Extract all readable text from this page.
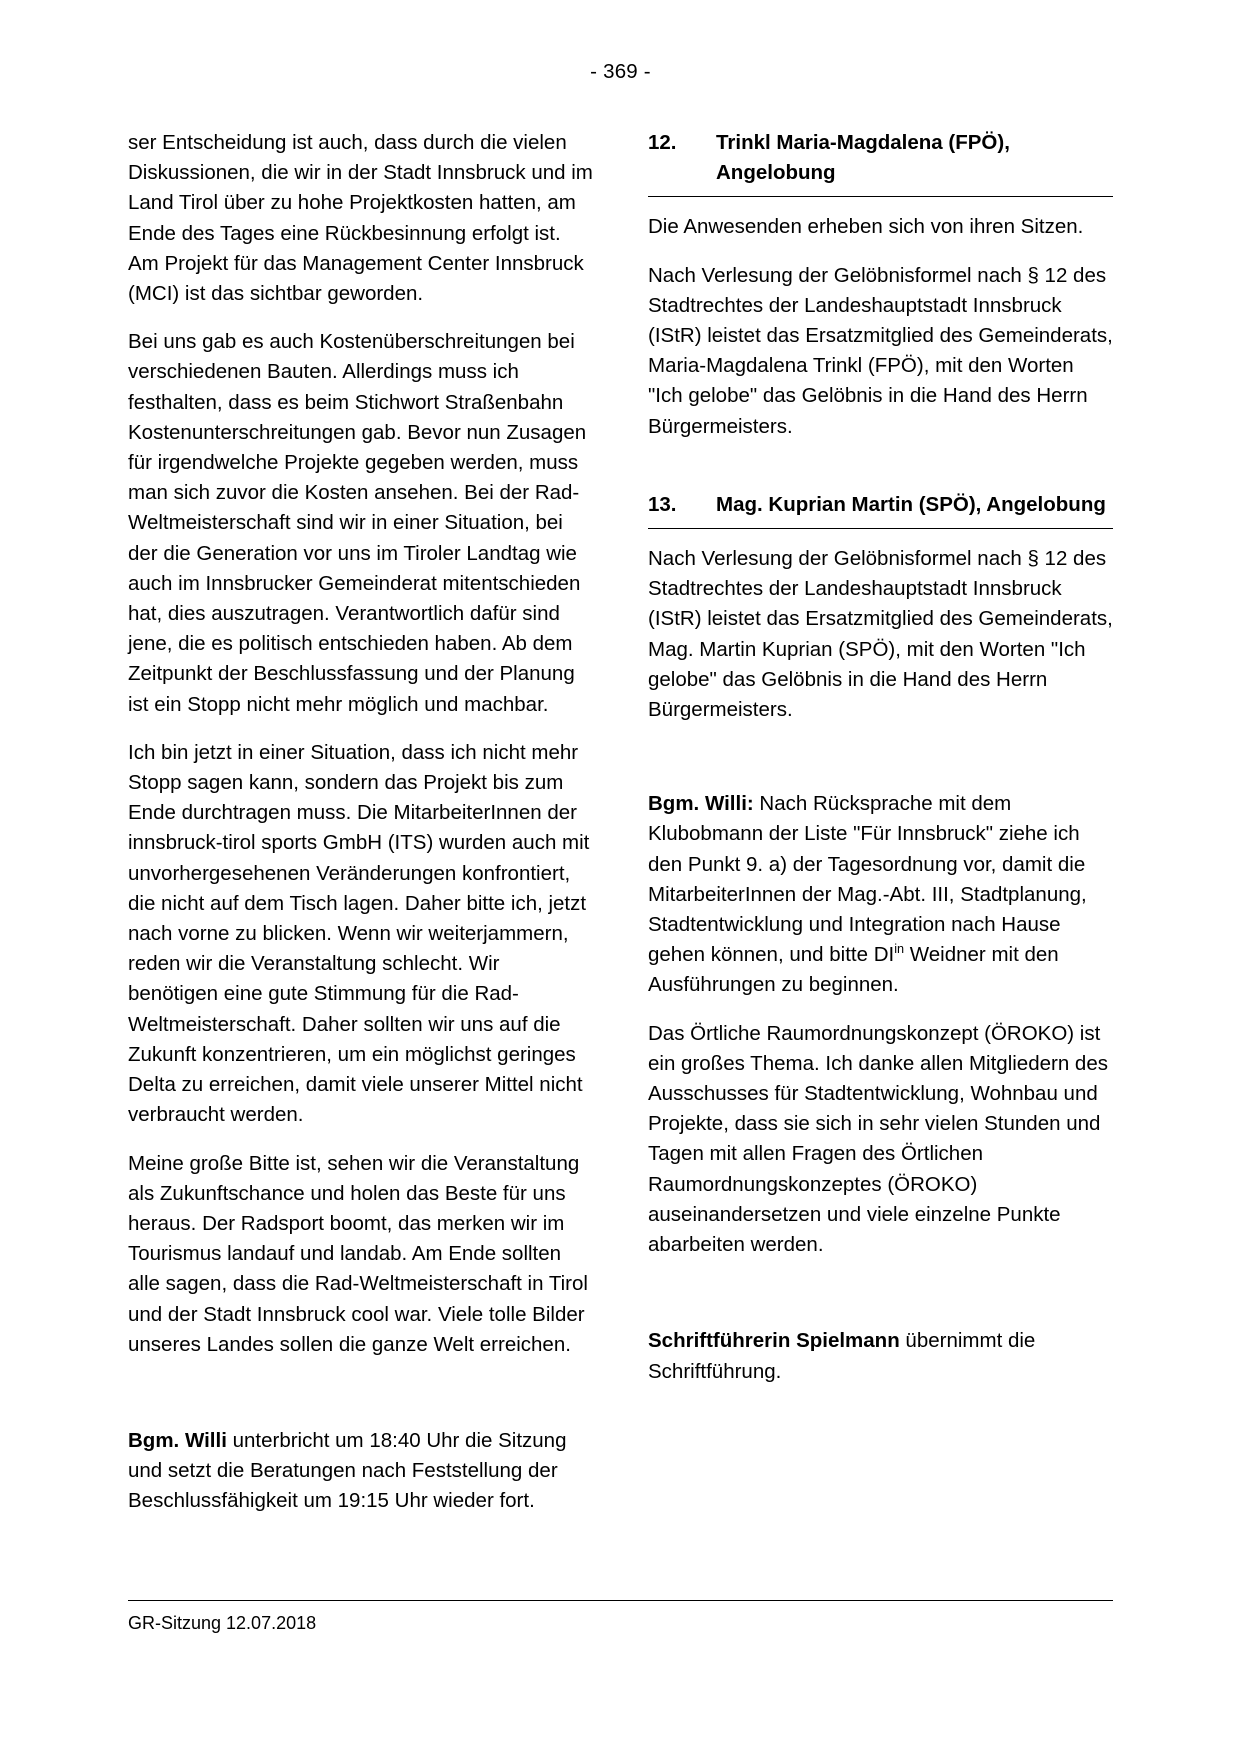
- 369 -

ser Entscheidung ist auch, dass durch die vielen Diskussionen, die wir in der Stadt Innsbruck und im Land Tirol über zu hohe Projektkosten hatten, am Ende des Tages eine Rückbesinnung erfolgt ist. Am Projekt für das Management Center Innsbruck (MCI) ist das sichtbar geworden.

Bei uns gab es auch Kostenüberschreitungen bei verschiedenen Bauten. Allerdings muss ich festhalten, dass es beim Stichwort Straßenbahn Kostenunterschreitungen gab. Bevor nun Zusagen für irgendwelche Projekte gegeben werden, muss man sich zuvor die Kosten ansehen. Bei der Rad-Weltmeisterschaft sind wir in einer Situation, bei der die Generation vor uns im Tiroler Landtag wie auch im Innsbrucker Gemeinderat mitentschieden hat, dies auszutragen. Verantwortlich dafür sind jene, die es politisch entschieden haben. Ab dem Zeitpunkt der Beschlussfassung und der Planung ist ein Stopp nicht mehr möglich und machbar.

Ich bin jetzt in einer Situation, dass ich nicht mehr Stopp sagen kann, sondern das Projekt bis zum Ende durchtragen muss. Die MitarbeiterInnen der innsbruck-tirol sports GmbH (ITS) wurden auch mit unvorhergesehenen Veränderungen konfrontiert, die nicht auf dem Tisch lagen. Daher bitte ich, jetzt nach vorne zu blicken. Wenn wir weiterjammern, reden wir die Veranstaltung schlecht. Wir benötigen eine gute Stimmung für die Rad-Weltmeisterschaft. Daher sollten wir uns auf die Zukunft konzentrieren, um ein möglichst geringes Delta zu erreichen, damit viele unserer Mittel nicht verbraucht werden.

Meine große Bitte ist, sehen wir die Veranstaltung als Zukunftschance und holen das Beste für uns heraus. Der Radsport boomt, das merken wir im Tourismus landauf und landab. Am Ende sollten alle sagen, dass die Rad-Weltmeisterschaft in Tirol und der Stadt Innsbruck cool war. Viele tolle Bilder unseres Landes sollen die ganze Welt erreichen.

Bgm. Willi unterbricht um 18:40 Uhr die Sitzung und setzt die Beratungen nach Feststellung der Beschlussfähigkeit um 19:15 Uhr wieder fort.

12.	Trinkl Maria-Magdalena (FPÖ), Angelobung

Die Anwesenden erheben sich von ihren Sitzen.

Nach Verlesung der Gelöbnisformel nach § 12 des Stadtrechtes der Landeshauptstadt Innsbruck (IStR) leistet das Ersatzmitglied des Gemeinderats, Maria-Magdalena Trinkl (FPÖ), mit den Worten "Ich gelobe" das Gelöbnis in die Hand des Herrn Bürgermeisters.

13.	Mag. Kuprian Martin (SPÖ), Angelobung

Nach Verlesung der Gelöbnisformel nach § 12 des Stadtrechtes der Landeshauptstadt Innsbruck (IStR) leistet das Ersatzmitglied des Gemeinderats, Mag. Martin Kuprian (SPÖ), mit den Worten "Ich gelobe" das Gelöbnis in die Hand des Herrn Bürgermeisters.

Bgm. Willi: Nach Rücksprache mit dem Klubobmann der Liste "Für Innsbruck" ziehe ich den Punkt 9. a) der Tagesordnung vor, damit die MitarbeiterInnen der Mag.-Abt. III, Stadtplanung, Stadtentwicklung und Integration nach Hause gehen können, und bitte $DI^{in}$ Weidner mit den Ausführungen zu beginnen.

Das Örtliche Raumordnungskonzept (ÖROKO) ist ein großes Thema. Ich danke allen Mitgliedern des Ausschusses für Stadtentwicklung, Wohnbau und Projekte, dass sie sich in sehr vielen Stunden und Tagen mit allen Fragen des Örtlichen Raumordnungskonzeptes (ÖROKO) auseinandersetzen und viele einzelne Punkte abarbeiten werden.

Schriftführerin Spielmann übernimmt die Schriftführung.

GR-Sitzung 12.07.2018
